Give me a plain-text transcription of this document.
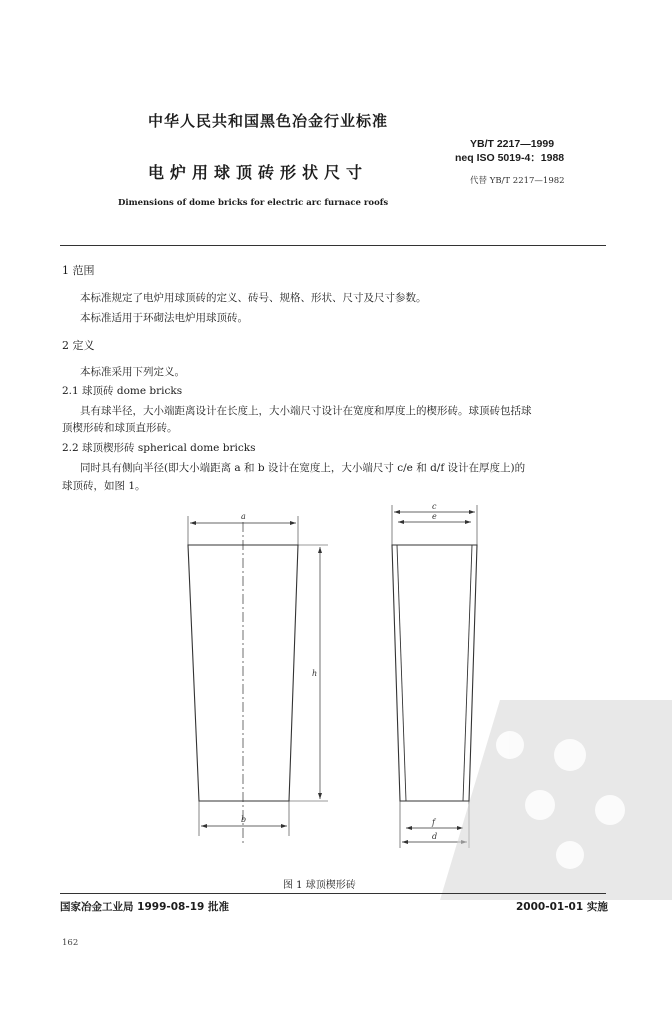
中华人民共和国黑色冶金行业标准
YB/T 2217—1999
neq ISO 5019-4：1988
电炉用球顶砖形状尺寸	代替 YB/T 2217—1982
Dimensions of dome bricks for electric arc furnace roofs
1 范围
本标准规定了电炉用球顶砖的定义、砖号、规格、形状、尺寸及尺寸参数。
本标准适用于环砌法电炉用球顶砖。
2 定义
本标准采用下列定义。
2.1 球顶砖 dome bricks
具有球半径，大小端距离设计在长度上，大小端尺寸设计在宽度和厚度上的楔形砖。球顶砖包括球
顶楔形砖和球顶直形砖。
2.2 球顶楔形砖 spherical dome bricks
同时具有侧向半径(即大小端距离 a 和 b 设计在宽度上，大小端尺寸 c/e 和 d/f 设计在厚度上)的
球顶砖，如图 1。
a
b
h
c
e
f
d
图 1 球顶楔形砖
国家冶金工业局 1999-08-19 批准	2000-01-01 实施
162
